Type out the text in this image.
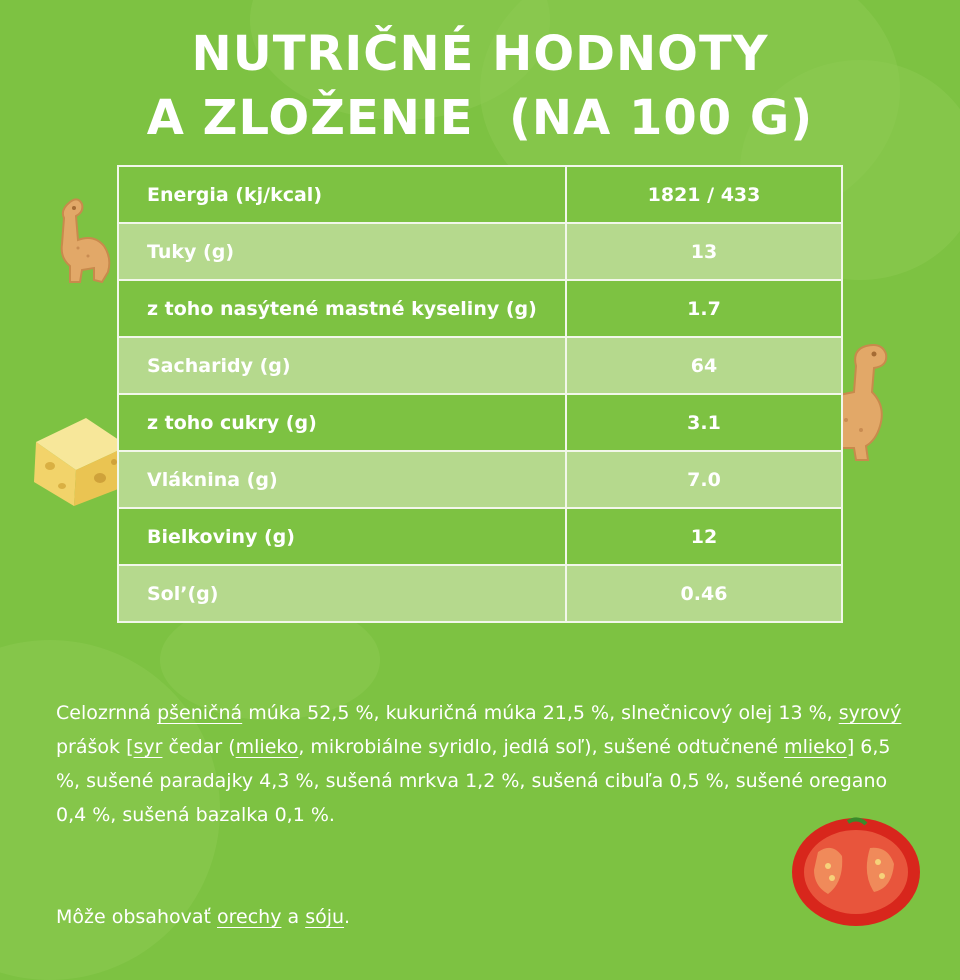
NUTRIČNÉ HODNOTY
A ZLOŽENIE  (NA 100 G)
Energia (kj/kcal)	1821 / 433
Tuky (g)	13
z toho nasýtené mastné kyseliny (g)	1.7
Sacharidy (g)	64
z toho cukry (g)	3.1
Vláknina (g)	7.0
Bielkoviny (g)	12
Sol’(g)	0.46
Celozrnná pšeničná múka 52,5 %, kukuričná múka 21,5 %, slnečnicový olej 13 %, syrový prášok [syr čedar (mlieko, mikrobiálne syridlo, jedlá soľ), sušené odtučnené mlieko] 6,5 %, sušené paradajky 4,3 %, sušená mrkva 1,2 %, sušená cibuľa 0,5 %, sušené oregano 0,4 %, sušená bazalka 0,1 %.
Môže obsahovať orechy a sóju.
